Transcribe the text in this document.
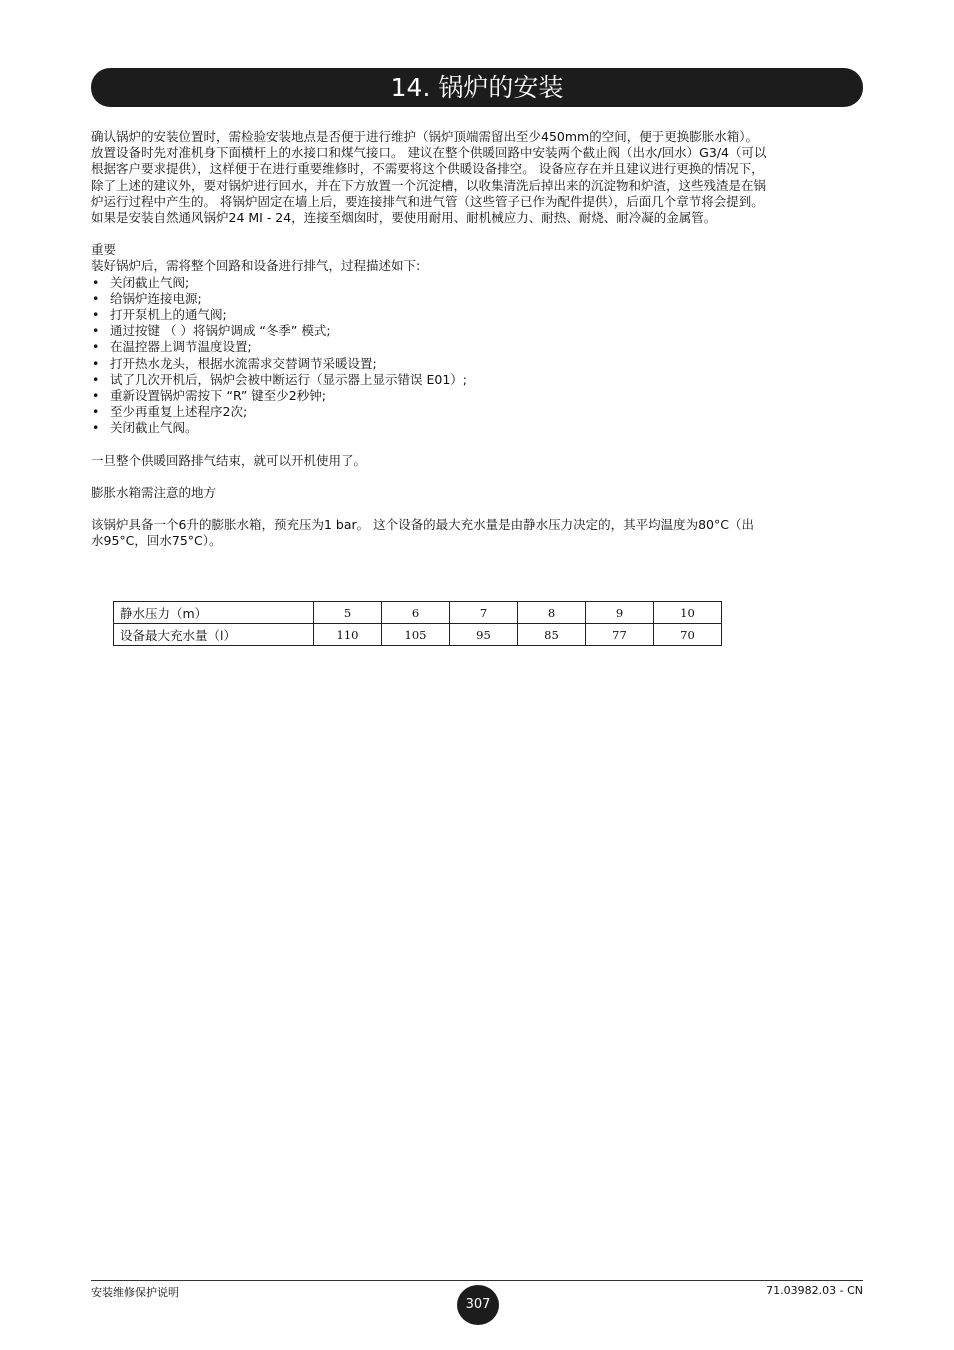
14. 锅炉的安装

确认锅炉的安装位置时，需检验安装地点是否便于进行维护（锅炉顶端需留出至少450mm的空间，便于更换膨胀水箱）。

放置设备时先对准机身下面横杆上的水接口和煤气接口。 建议在整个供暖回路中安装两个截止阀（出水/回水）G3/4（可以

根据客户要求提供），这样便于在进行重要维修时，不需要将这个供暖设备排空。 设备应存在并且建议进行更换的情况下，

除了上述的建议外，要对锅炉进行回水，并在下方放置一个沉淀槽，以收集清洗后掉出来的沉淀物和炉渣，这些残渣是在锅

炉运行过程中产生的。 将锅炉固定在墙上后，要连接排气和进气管（这些管子已作为配件提供），后面几个章节将会提到。

如果是安装自然通风锅炉24 MI - 24，连接至烟囱时，要使用耐用、耐机械应力、耐热、耐烧、耐冷凝的金属管。

重要

装好锅炉后，需将整个回路和设备进行排气，过程描述如下:

• 关闭截止气阀;
• 给锅炉连接电源;
• 打开泵机上的通气阀;
• 通过按键 （ ）将锅炉调成 “冬季” 模式;
• 在温控器上调节温度设置;
• 打开热水龙头，根据水流需求交替调节采暖设置;
• 试了几次开机后，锅炉会被中断运行（显示器上显示错误 E01）;
• 重新设置锅炉需按下 “R” 键至少2秒钟;
• 至少再重复上述程序2次;
• 关闭截止气阀。

一旦整个供暖回路排气结束，就可以开机使用了。

膨胀水箱需注意的地方

该锅炉具备一个6升的膨胀水箱，预充压为1 bar。 这个设备的最大充水量是由静水压力决定的，其平均温度为80°C（出

水95°C，回水75°C）。

静水压力（m）	5	6	7	8	9	10
设备最大充水量（l）	110	105	95	85	77	70
安装维修保护说明
307
71.03982.03 - CN
